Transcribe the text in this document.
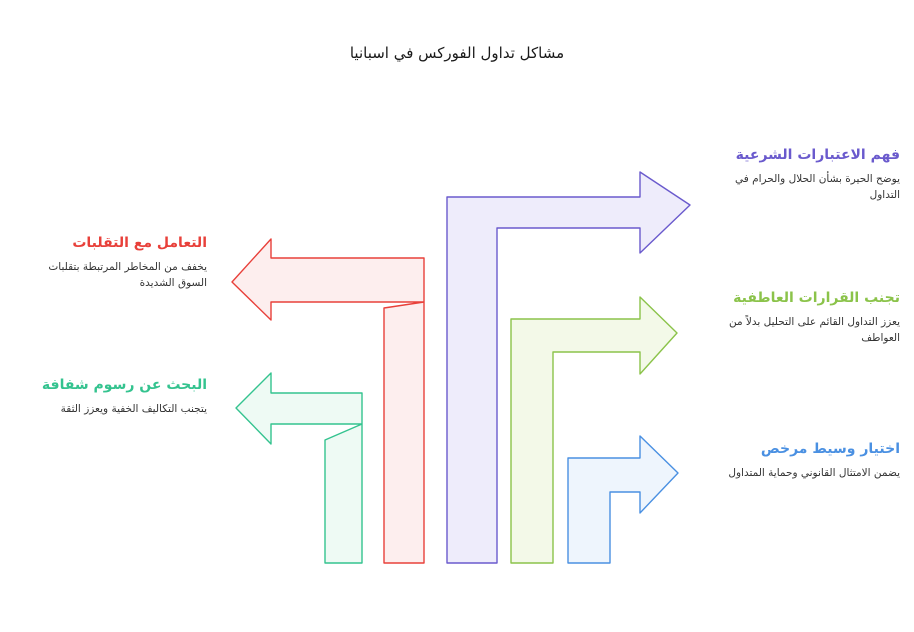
مشاكل تداول الفوركس في اسبانيا
فهم الاعتبارات الشرعية
يوضح الحيرة بشأن الحلال والحرام في التداول
تجنب القرارات العاطفية
يعزز التداول القائم على التحليل بدلاً من العواطف
اختيار وسيط مرخص
يضمن الامتثال القانوني وحماية المتداول
التعامل مع التقلبات
يخفف من المخاطر المرتبطة بتقلبات السوق الشديدة
البحث عن رسوم شفافة
يتجنب التكاليف الخفية ويعزز الثقة
